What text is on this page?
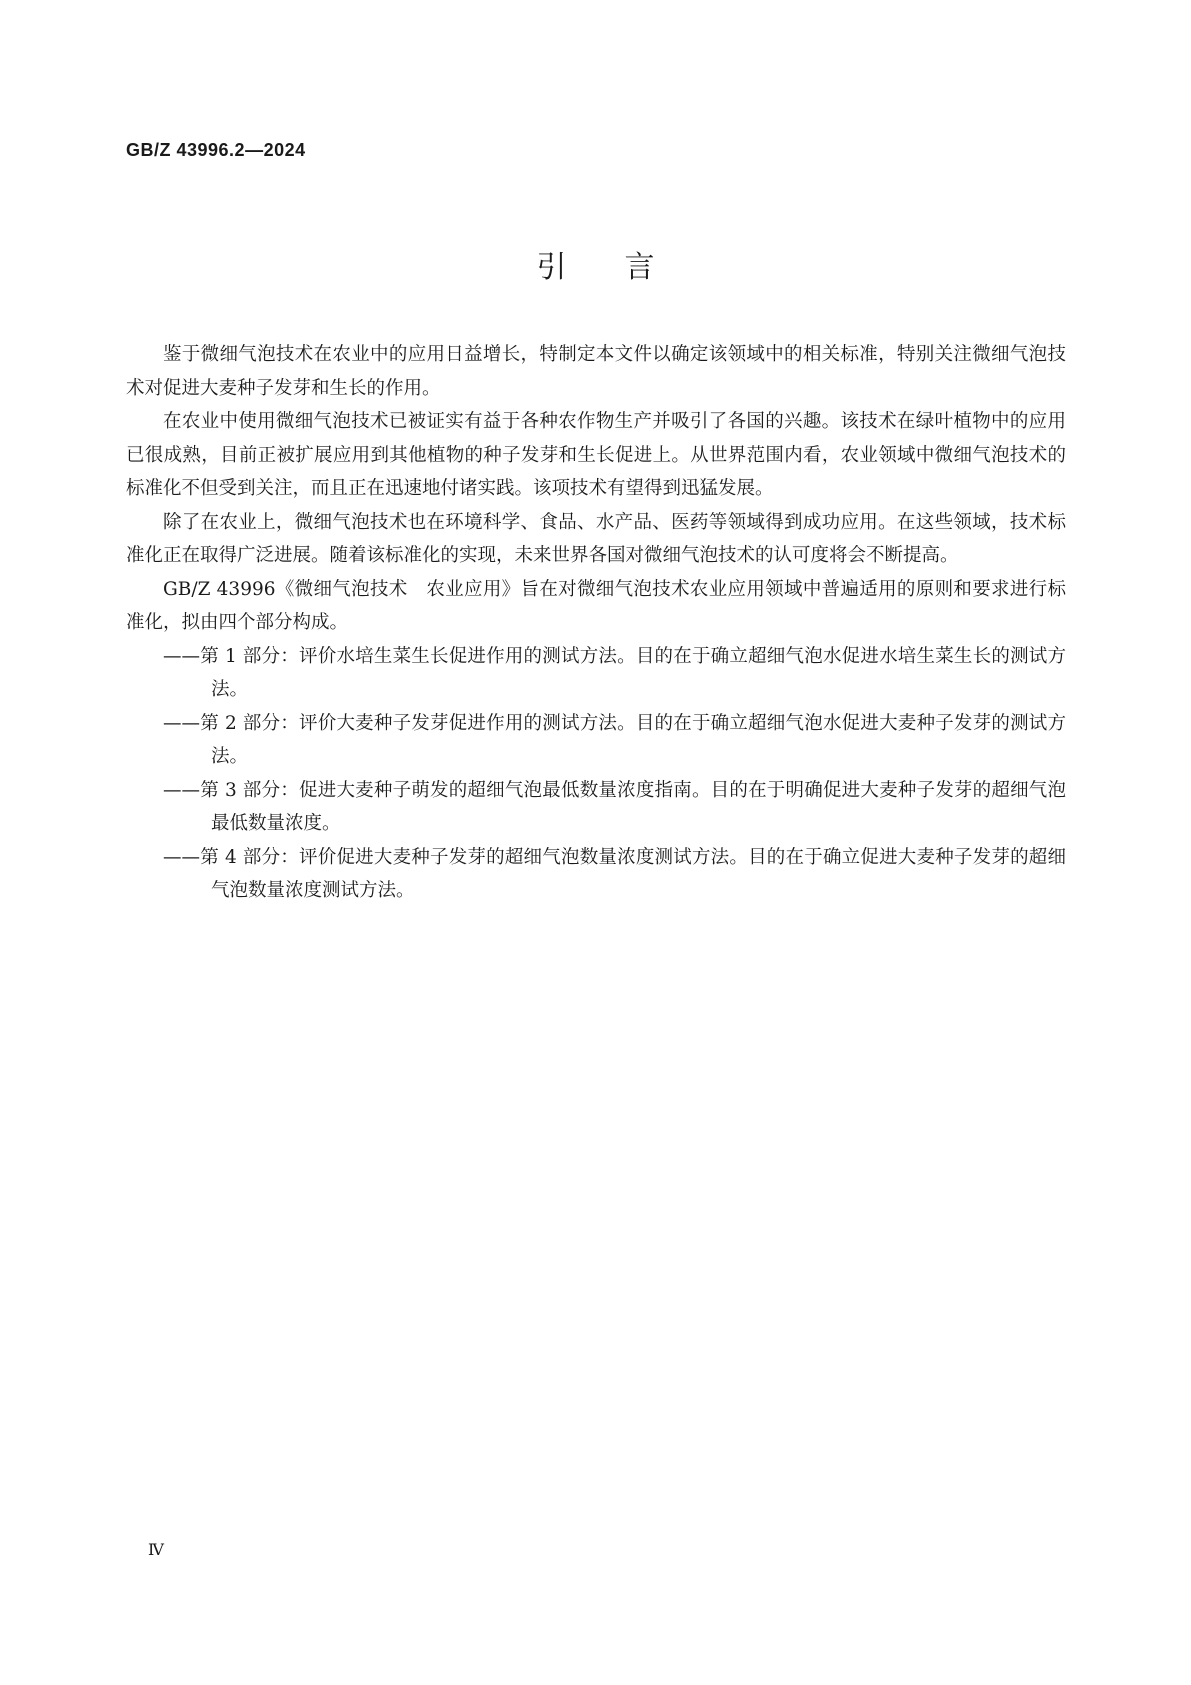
GB/Z 43996.2—2024
引言

鉴于微细气泡技术在农业中的应用日益增长，特制定本文件以确定该领域中的相关标准，特别关注微细气泡技术对促进大麦种子发芽和生长的作用。

在农业中使用微细气泡技术已被证实有益于各种农作物生产并吸引了各国的兴趣。该技术在绿叶植物中的应用已很成熟，目前正被扩展应用到其他植物的种子发芽和生长促进上。从世界范围内看，农业领域中微细气泡技术的标准化不但受到关注，而且正在迅速地付诸实践。该项技术有望得到迅猛发展。

除了在农业上，微细气泡技术也在环境科学、食品、水产品、医药等领域得到成功应用。在这些领域，技术标准化正在取得广泛进展。随着该标准化的实现，未来世界各国对微细气泡技术的认可度将会不断提高。

GB/Z 43996《微细气泡技术　农业应用》旨在对微细气泡技术农业应用领域中普遍适用的原则和要求进行标准化，拟由四个部分构成。

——第 1 部分：评价水培生菜生长促进作用的测试方法。目的在于确立超细气泡水促进水培生菜生长的测试方法。

——第 2 部分：评价大麦种子发芽促进作用的测试方法。目的在于确立超细气泡水促进大麦种子发芽的测试方法。

——第 3 部分：促进大麦种子萌发的超细气泡最低数量浓度指南。目的在于明确促进大麦种子发芽的超细气泡最低数量浓度。

——第 4 部分：评价促进大麦种子发芽的超细气泡数量浓度测试方法。目的在于确立促进大麦种子发芽的超细气泡数量浓度测试方法。

Ⅳ
